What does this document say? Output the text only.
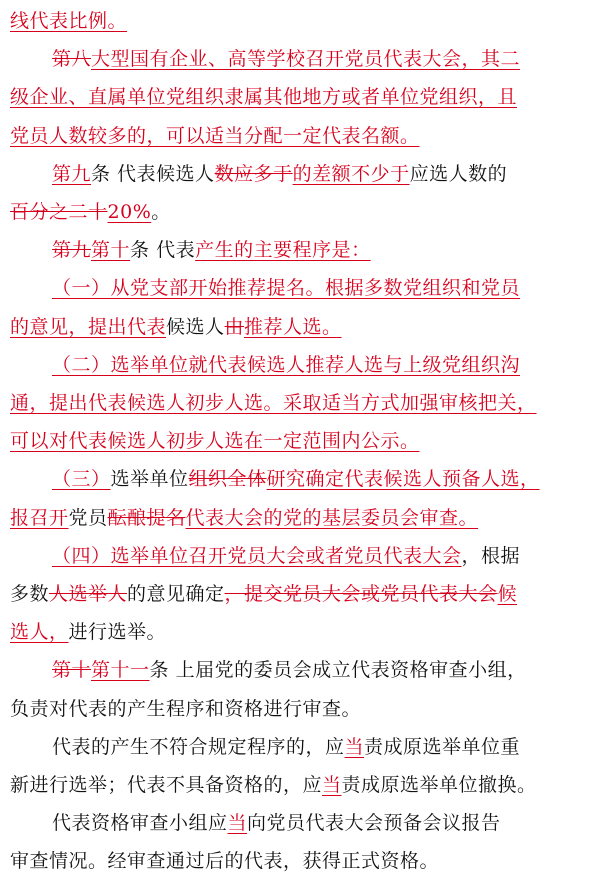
线代表比例。
第八大型国有企业、高等学校召开党员代表大会，其二
级企业、直属单位党组织隶属其他地方或者单位党组织，且
党员人数较多的，可以适当分配一定代表名额。
第九条 代表候选人数应多于的差额不少于应选人数的
百分之二十20%。
第九第十条 代表产生的主要程序是：
（一）从党支部开始推荐提名。根据多数党组织和党员
的意见，提出代表候选人由推荐人选。
（二）选举单位就代表候选人推荐人选与上级党组织沟
通，提出代表候选人初步人选。采取适当方式加强审核把关，
可以对代表候选人初步人选在一定范围内公示。
（三）选举单位组织全体研究确定代表候选人预备人选，
报召开党员酝酿提名代表大会的党的基层委员会审查。
（四）选举单位召开党员大会或者党员代表大会，根据
多数人选举人的意见确定，提交党员大会或党员代表大会候
选人，进行选举。
第十第十一条 上届党的委员会成立代表资格审查小组，
负责对代表的产生程序和资格进行审查。
代表的产生不符合规定程序的，应当责成原选举单位重
新进行选举；代表不具备资格的，应当责成原选举单位撤换。
代表资格审查小组应当向党员代表大会预备会议报告
审查情况。经审查通过后的代表，获得正式资格。
